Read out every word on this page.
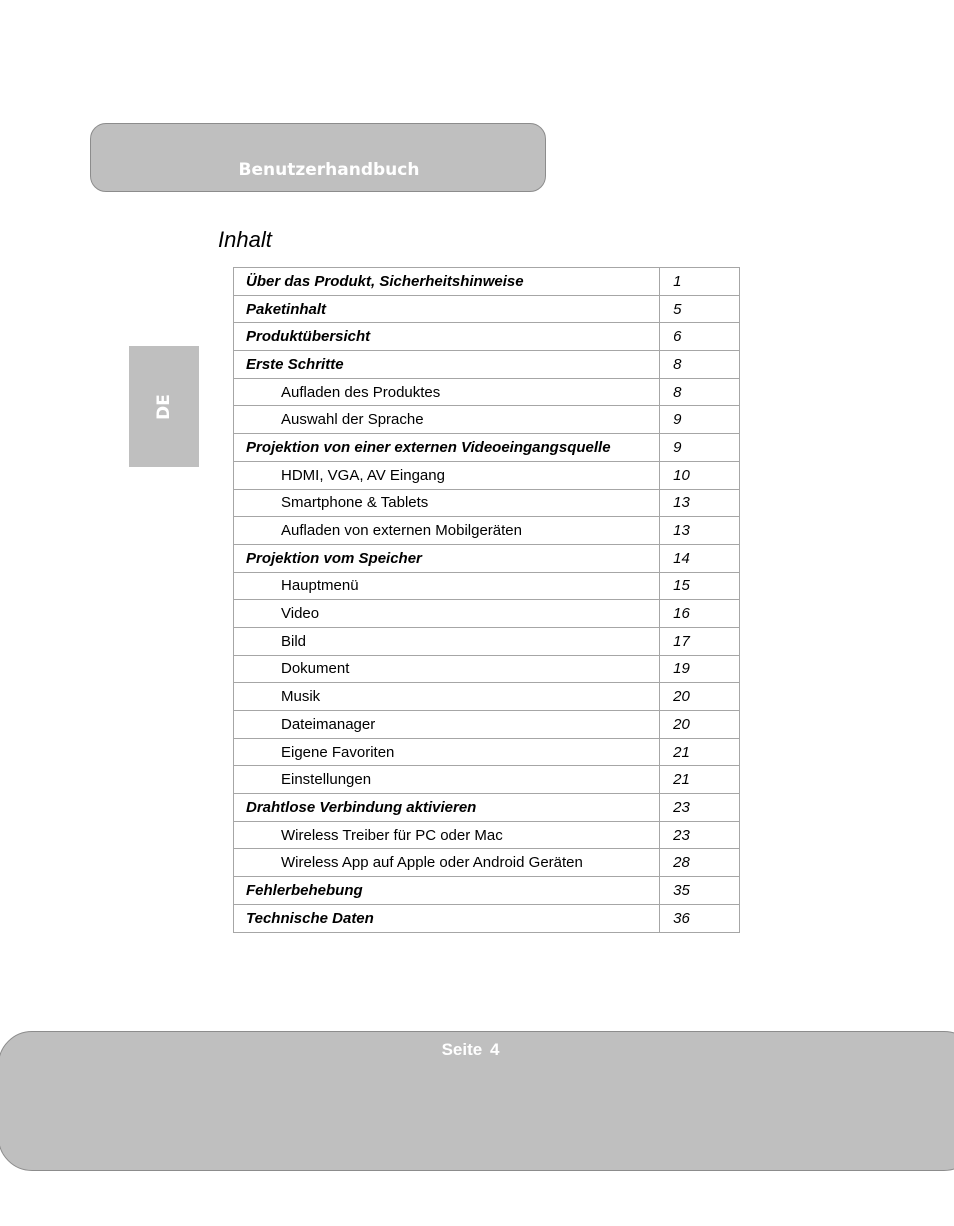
Benutzerhandbuch
DE
Inhalt
Über das Produkt, Sicherheitshinweise	1
Paketinhalt	5
Produktübersicht	6
Erste Schritte	8
Aufladen des Produktes	8
Auswahl der Sprache	9
Projektion von einer externen Videoeingangsquelle	9
HDMI, VGA, AV Eingang	10
Smartphone & Tablets	13
Aufladen von externen Mobilgeräten	13
Projektion vom Speicher	14
Hauptmenü	15
Video	16
Bild	17
Dokument	19
Musik	20
Dateimanager	20
Eigene Favoriten	21
Einstellungen	21
Drahtlose Verbindung aktivieren	23
Wireless Treiber für PC oder Mac	23
Wireless App auf Apple oder Android Geräten	28
Fehlerbehebung	35
Technische Daten	36
Seite 4
